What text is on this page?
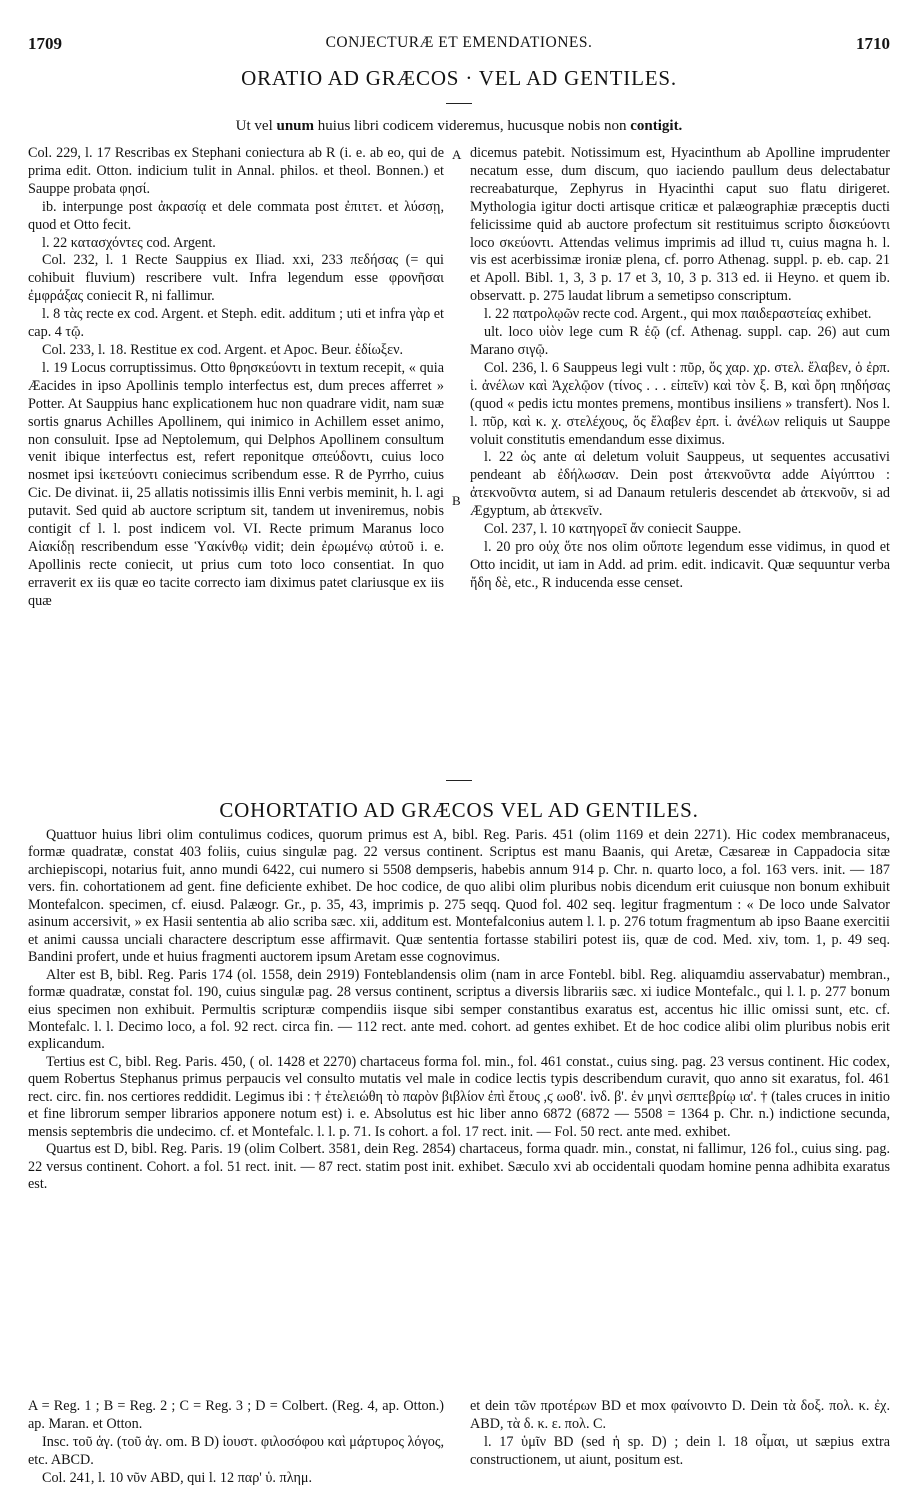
1709	CONJECTURÆ ET EMENDATIONES.	1710
ORATIO AD GRÆCOS · VEL AD GENTILES.
Ut vel unum huius libri codicem videremus, hucusque nobis non contigit.

Col. 229, l. 17 Rescribas ex Stephani coniectura ab R (i. e. ab eo, qui de prima edit. Otton. indicium tulit in Annal. philos. et theol. Bonnen.) et Sauppe probata φησί.

ib. interpunge post ἀκρασίᾳ et dele commata post ἐπιτετ. et λύσσῃ, quod et Otto fecit.

l. 22 κατασχόντες cod. Argent.

Col. 232, l. 1 Recte Sauppius ex Iliad. xxi, 233 πεδήσας (= qui cohibuit fluvium) rescribere vult. Infra legendum esse φρονῆσαι ἐμφράξας coniecit R, ni fallimur.

l. 8 τὰς recte ex cod. Argent. et Steph. edit. additum ; uti et infra γὰρ et cap. 4 τῷ.

Col. 233, l. 18. Restitue ex cod. Argent. et Apoc. Beur. ἐδίωξεν.

l. 19 Locus corruptissimus. Otto θρησκεύοντι in textum recepit, « quia Æacides in ipso Apollinis templo interfectus est, dum preces afferret » Potter. At Sauppius hanc explicationem huc non quadrare vidit, nam suæ sortis gnarus Achilles Apollinem, qui inimico in Achillem esset animo, non consuluit. Ipse ad Neptolemum, qui Delphos Apollinem consultum venit ibique interfectus est, refert reponitque σπεύδοντι, cuius loco nosmet ipsi ἱκετεύοντι coniecimus scribendum esse. R de Pyrrho, cuius Cic. De divinat. ii, 25 allatis notissimis illis Enni verbis meminit, h. l. agi putavit. Sed quid ab auctore scriptum sit, tandem ut inveniremus, nobis contigit cf l. l. post indicem vol. VI. Recte primum Maranus loco Αἰακίδῃ rescribendum esse Ὑακίνθῳ vidit; dein ἐρωμένῳ αὐτοῦ i. e. Apollinis recte coniecit, ut prius cum toto loco consentiat. In quo erraverit ex iis quæ eo tacite correcto iam diximus patet clariusque ex iis quæ

A
B

dicemus patebit. Notissimum est, Hyacinthum ab Apolline imprudenter necatum esse, dum discum, quo iaciendo paullum deus delectabatur recreabaturque, Zephyrus in Hyacinthi caput suo flatu dirigeret. Mythologia igitur docti artisque criticæ et palæographiæ præceptis ducti felicissime quid ab auctore profectum sit restituimus scripto δισκεύοντι loco σκεύοντι. Attendas velimus imprimis ad illud τι, cuius magna h. l. vis est acerbissimæ ironiæ plena, cf. porro Athenag. suppl. p. eb. cap. 21 et Apoll. Bibl. 1, 3, 3 p. 17 et 3, 10, 3 p. 313 ed. ii Heyno. et quem ib. observatt. p. 275 laudat librum a semetipso conscriptum.

l. 22 πατρολῳῶν recte cod. Argent., qui mox παιδεραστείας exhibet.

ult. loco υἱὸν lege cum R ἑῷ (cf. Athenag. suppl. cap. 26) aut cum Marano σιγῷ.

Col. 236, l. 6 Sauppeus legi vult : πῦρ, ὅς χαρ. χρ. στελ. ἔλαβεν, ὁ ἐρπ. ἰ. ἀνέλων καὶ Ἀχελῷον (τίνος . . . εἰπεῖν) καὶ τὸν ξ. B, καὶ ὄρη πηδήσας (quod « pedis ictu montes premens, montibus insiliens » transfert). Nos l. l. πῦρ, καὶ κ. χ. στελέχους, ὅς ἔλαβεν ἐρπ. ἰ. ἀνέλων reliquis ut Sauppe voluit constitutis emendandum esse diximus.

l. 22 ὡς ante αἱ deletum voluit Sauppeus, ut sequentes accusativi pendeant ab ἐδήλωσαν. Dein post ἀτεκνοῦντα adde Αἰγύπτου : ἀτεκνοῦντα autem, si ad Danaum retuleris descendet ab ἀτεκνοῦν, si ad Ægyptum, ab ἀτεκνεῖν.

Col. 237, l. 10 κατηγορεῖ ἄν coniecit Sauppe.

l. 20 pro οὐχ ὅτε nos olim οὔποτε legendum esse vidimus, in quod et Otto incidit, ut iam in Add. ad prim. edit. indicavit. Quæ sequuntur verba ἤδη δὲ, etc., R inducenda esse censet.

COHORTATIO AD GRÆCOS VEL AD GENTILES.

Quattuor huius libri olim contulimus codices, quorum primus est A, bibl. Reg. Paris. 451 (olim 1169 et dein 2271). Hic codex membranaceus, formæ quadratæ, constat 403 foliis, cuius singulæ pag. 22 versus continent. Scriptus est manu Baanis, qui Aretæ, Cæsareæ in Cappadocia sitæ archiepiscopi, notarius fuit, anno mundi 6422, cui numero si 5508 dempseris, habebis annum 914 p. Chr. n. quarto loco, a fol. 163 vers. init. — 187 vers. fin. cohortationem ad gent. fine deficiente exhibet. De hoc codice, de quo alibi olim pluribus nobis dicendum erit cuiusque non bonum exhibuit Montefalcon. specimen, cf. eiusd. Palæogr. Gr., p. 35, 43, imprimis p. 275 seqq. Quod fol. 402 seq. legitur fragmentum : « De loco unde Salvator asinum accersivit, » ex Hasii sententia ab alio scriba sæc. xii, additum est. Montefalconius autem l. l. p. 276 totum fragmentum ab ipso Baane exercitii et animi caussa unciali charactere descriptum esse affirmavit. Quæ sententia fortasse stabiliri potest iis, quæ de cod. Med. xiv, tom. 1, p. 49 seq. Bandini profert, unde et huius fragmenti auctorem ipsum Aretam esse cognovimus.

Alter est B, bibl. Reg. Paris 174 (ol. 1558, dein 2919) Fonteblandensis olim (nam in arce Fontebl. bibl. Reg. aliquamdiu asservabatur) membran., formæ quadratæ, constat fol. 190, cuius singulæ pag. 28 versus continent, scriptus a diversis librariis sæc. xi iudice Montefalc., qui l. l. p. 277 bonum eius specimen non exhibuit. Permultis scripturæ compendiis iisque sibi semper constantibus exaratus est, accentus hic illic omissi sunt, etc. cf. Montefalc. l. l. Decimo loco, a fol. 92 rect. circa fin. — 112 rect. ante med. cohort. ad gentes exhibet. Et de hoc codice alibi olim pluribus nobis erit explicandum.

Tertius est C, bibl. Reg. Paris. 450, ( ol. 1428 et 2270) chartaceus forma fol. min., fol. 461 constat., cuius sing. pag. 23 versus continent. Hic codex, quem Robertus Stephanus primus perpaucis vel consulto mutatis vel male in codice lectis typis describendum curavit, quo anno sit exaratus, fol. 461 rect. circ. fin. nos certiores reddidit. Legimus ibi : † ἐτελειώθη τὸ παρὸν βιβλίον ἐπὶ ἔτους ,ϛ ωοϐ'. ἰνδ. β'. ἐν μηνὶ σεπτεβρίῳ ια'. † (tales cruces in initio et fine librorum semper librarios apponere notum est) i. e. Absolutus est hic liber anno 6872 (6872 — 5508 = 1364 p. Chr. n.) indictione secunda, mensis septembris die undecimo. cf. et Montefalc. l. l. p. 71. Is cohort. a fol. 17 rect. init. — Fol. 50 rect. ante med. exhibet.

Quartus est D, bibl. Reg. Paris. 19 (olim Colbert. 3581, dein Reg. 2854) chartaceus, forma quadr. min., constat, ni fallimur, 126 fol., cuius sing. pag. 22 versus continent. Cohort. a fol. 51 rect. init. — 87 rect. statim post init. exhibet. Sæculo xvi ab occidentali quodam homine penna adhibita exaratus est.

A = Reg. 1 ; B = Reg. 2 ; C = Reg. 3 ; D = Colbert. (Reg. 4, ap. Otton.) ap. Maran. et Otton.

Insc. τοῦ ἁγ. (τοῦ ἁγ. om. B D) ἰουστ. φιλοσόφου καὶ μάρτυρος λόγος, etc. ABCD.

Col. 241, l. 10 νῦν ABD, qui l. 12 παρ' ὑ. πλημ.

et dein τῶν προτέρων BD et mox φαίνοιντο D. Dein τὰ δοξ. πολ. κ. ἐχ. ABD, τὰ δ. κ. ε. πολ. C.

l. 17 ὑμῖν BD (sed ἡ sp. D) ; dein l. 18 οἶμαι, ut sæpius extra constructionem, ut aiunt, positum est.
